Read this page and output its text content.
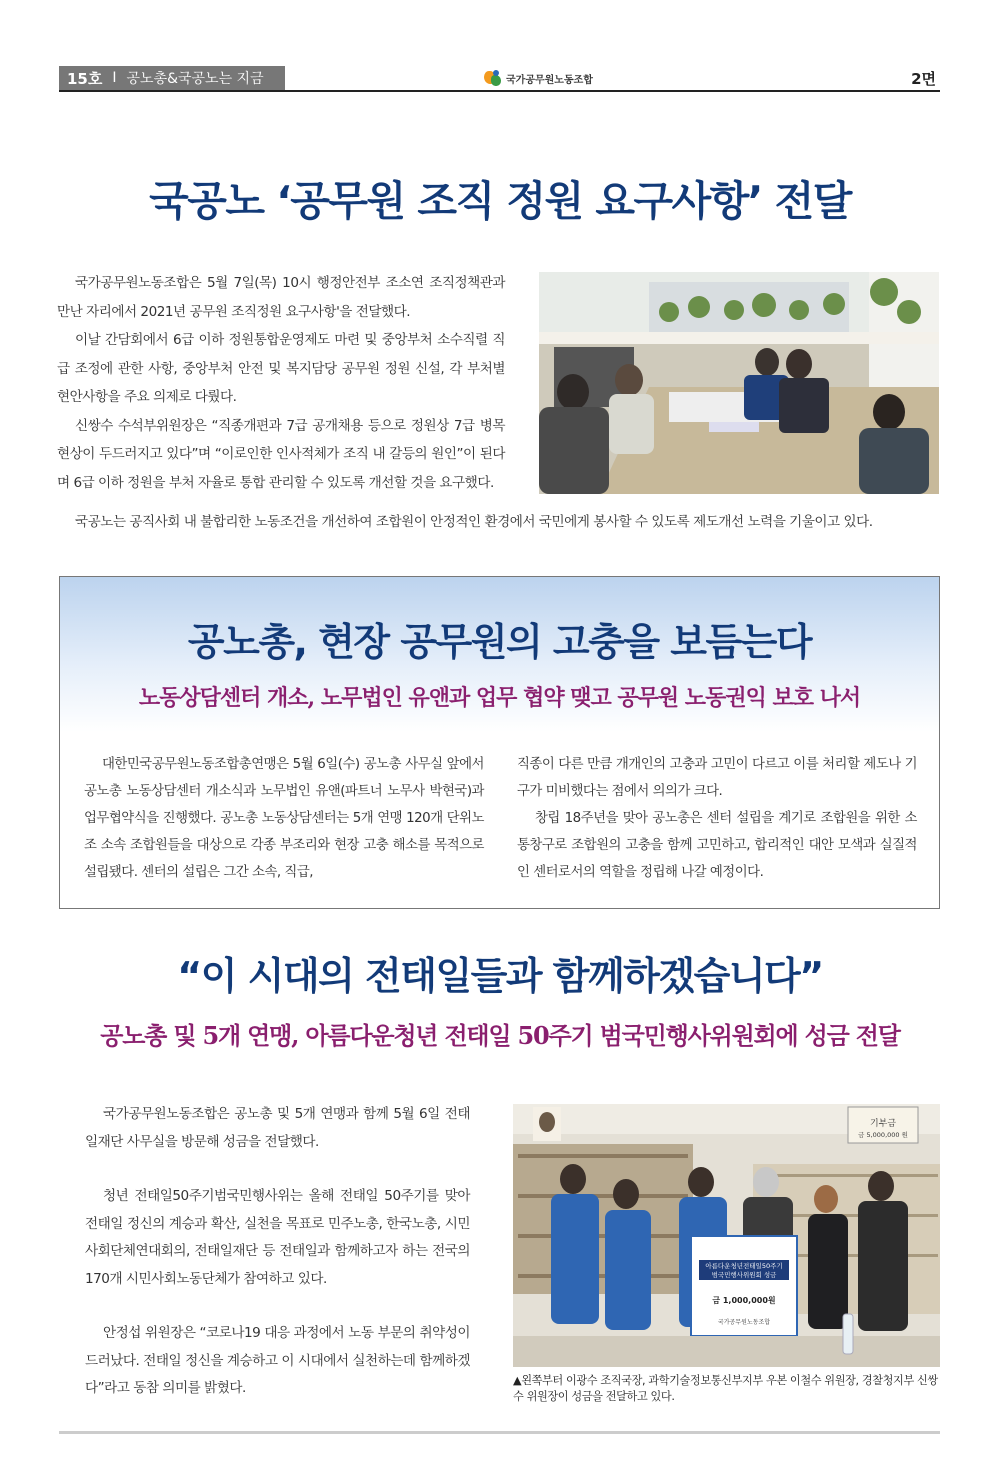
15호 I 공노총&국공노는 지금	국가공무원노동조합	2면
국공노 ‘공무원 조직 정원 요구사항’ 전달

국가공무원노동조합은 5월 7일(목) 10시 행정안전부 조소연 조직정책관과 만난 자리에서 2021년 공무원 조직정원 요구사항'을 전달했다.

이날 간담회에서 6급 이하 정원통합운영제도 마련 및 중앙부처 소수직렬 직급 조정에 관한 사항, 중앙부처 안전 및 복지담당 공무원 정원 신설, 각 부처별 현안사항을 주요 의제로 다뤘다.

신쌍수 수석부위원장은 “직종개편과 7급 공개채용 등으로 정원상 7급 병목현상이 두드러지고 있다”며 “이로인한 인사적체가 조직 내 갈등의 원인”이 된다며 6급 이하 정원을 부처 자율로 통합 관리할 수 있도록 개선할 것을 요구했다.

국공노는 공직사회 내 불합리한 노동조건을 개선하여 조합원이 안정적인 환경에서 국민에게 봉사할 수 있도록 제도개선 노력을 기울이고 있다.

공노총, 현장 공무원의 고충을 보듬는다
노동상담센터 개소, 노무법인 유앤과 업무 협약 맺고 공무원 노동권익 보호 나서

대한민국공무원노동조합총연맹은 5월 6일(수) 공노총 사무실 앞에서 공노총 노동상담센터 개소식과 노무법인 유앤(파트너 노무사 박현국)과 업무협약식을 진행했다. 공노총 노동상담센터는 5개 연맹 120개 단위노조 소속 조합원들을 대상으로 각종 부조리와 현장 고충 해소를 목적으로 설립됐다. 센터의 설립은 그간 소속, 직급,

직종이 다른 만큼 개개인의 고충과 고민이 다르고 이를 처리할 제도나 기구가 미비했다는 점에서 의의가 크다.

창립 18주년을 맞아 공노총은 센터 설립을 계기로 조합원을 위한 소통창구로 조합원의 고충을 함께 고민하고, 합리적인 대안 모색과 실질적인 센터로서의 역할을 정립해 나갈 예정이다.

“이 시대의 전태일들과 함께하겠습니다”
공노총 및 5개 연맹, 아름다운청년 전태일 50주기 범국민행사위원회에 성금 전달

국가공무원노동조합은 공노총 및 5개 연맹과 함께 5월 6일 전태일재단 사무실을 방문해 성금을 전달했다.

청년 전태일50주기범국민행사위는 올해 전태일 50주기를 맞아 전태일 정신의 계승과 확산, 실천을 목표로 민주노총, 한국노총, 시민사회단체연대회의, 전태일재단 등 전태일과 함께하고자 하는 전국의 170개 시민사회노동단체가 참여하고 있다.

안정섭 위원장은 “코로나19 대응 과정에서 노동 부문의 취약성이 드러났다. 전태일 정신을 계승하고 이 시대에서 실천하는데 함께하겠다”라고 동참 의미를 밝혔다.

기부금
금 5,000,000 원
아름다운청년전태일50주기
범국민행사위원회 성금
금 1,000,000원
국가공무원노동조합

▲왼쪽부터 이광수 조직국장, 과학기술정보통신부지부 우본 이철수 위원장, 경찰청지부 신쌍수 위원장이 성금을 전달하고 있다.
